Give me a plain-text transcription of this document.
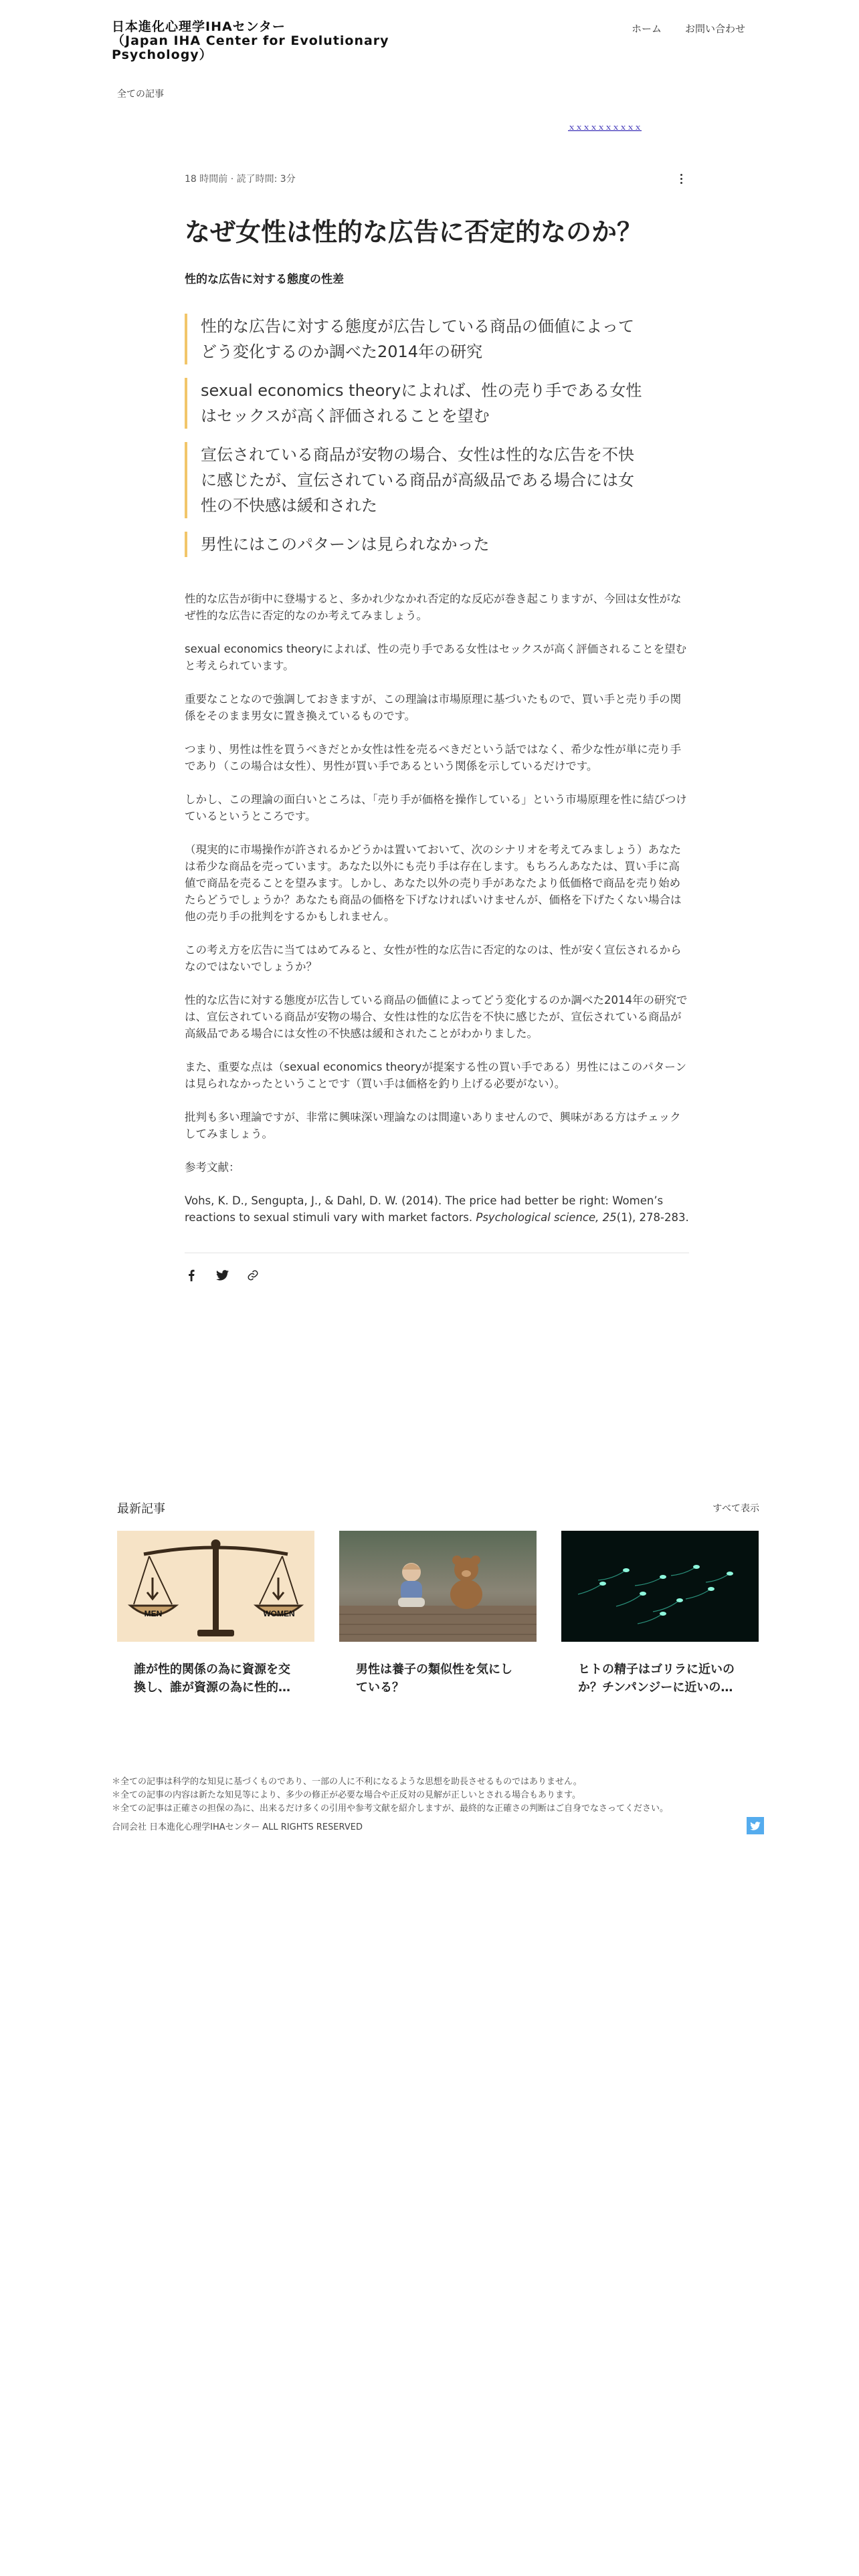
日本進化心理学IHAセンター
（Japan IHA Center for Evolutionary
Psychology）
ホーム お問い合わせ
全ての記事
ｘｘｘｘｘｘｘｘｘｘ
18 時間前 · 読了時間: 3分
なぜ女性は性的な広告に否定的なのか？
性的な広告に対する態度の性差
性的な広告に対する態度が広告している商品の価値によってどう変化するのか調べた2014年の研究
sexual economics theoryによれば、性の売り手である女性はセックスが高く評価されることを望む
宣伝されている商品が安物の場合、女性は性的な広告を不快に感じたが、宣伝されている商品が高級品である場合には女性の不快感は緩和された
男性にはこのパターンは見られなかった

性的な広告が街中に登場すると、多かれ少なかれ否定的な反応が巻き起こりますが、今回は女性がなぜ性的な広告に否定的なのか考えてみましょう。

sexual economics theoryによれば、性の売り手である女性はセックスが高く評価されることを望むと考えられています。

重要なことなので強調しておきますが、この理論は市場原理に基づいたもので、買い手と売り手の関係をそのまま男女に置き換えているものです。

つまり、男性は性を買うべきだとか女性は性を売るべきだという話ではなく、希少な性が単に売り手であり（この場合は女性）、男性が買い手であるという関係を示しているだけです。

しかし、この理論の面白いところは、「売り手が価格を操作している」という市場原理を性に結びつけているというところです。

（現実的に市場操作が許されるかどうかは置いておいて、次のシナリオを考えてみましょう）あなたは希少な商品を売っています。あなた以外にも売り手は存在します。もちろんあなたは、買い手に高値で商品を売ることを望みます。しかし、あなた以外の売り手があなたより低価格で商品を売り始めたらどうでしょうか？あなたも商品の価格を下げなければいけませんが、価格を下げたくない場合は他の売り手の批判をするかもしれません。

この考え方を広告に当てはめてみると、女性が性的な広告に否定的なのは、性が安く宣伝されるからなのではないでしょうか？

性的な広告に対する態度が広告している商品の価値によってどう変化するのか調べた2014年の研究では、宣伝されている商品が安物の場合、女性は性的な広告を不快に感じたが、宣伝されている商品が高級品である場合には女性の不快感は緩和されたことがわかりました。

また、重要な点は（sexual economics theoryが提案する性の買い手である）男性にはこのパターンは見られなかったということです（買い手は価格を釣り上げる必要がない）。

批判も多い理論ですが、非常に興味深い理論なのは間違いありませんので、興味がある方はチェックしてみましょう。

参考文献：

Vohs, K. D., Sengupta, J., & Dahl, D. W. (2014). The price had better be right: Women’s reactions to sexual stimuli vary with market factors. Psychological science, 25(1), 278-283.

最新記事	すべて表示
MEN	WOMEN
誰が性的関係の為に資源を交換し、誰が資源の為に性的…
男性は養子の類似性を気にしている？
ヒトの精子はゴリラに近いのか？チンパンジーに近いの…

＊全ての記事は科学的な知見に基づくものであり、一部の人に不利になるような思想を助長させるものではありません。

＊全ての記事の内容は新たな知見等により、多少の修正が必要な場合や正反対の見解が正しいとされる場合もあります。

＊全ての記事は正確さの担保の為に、出来るだけ多くの引用や参考文献を紹介しますが、最終的な正確さの判断はご自身でなさってください。

合同会社 日本進化心理学IHAセンター ALL RIGHTS RESERVED
